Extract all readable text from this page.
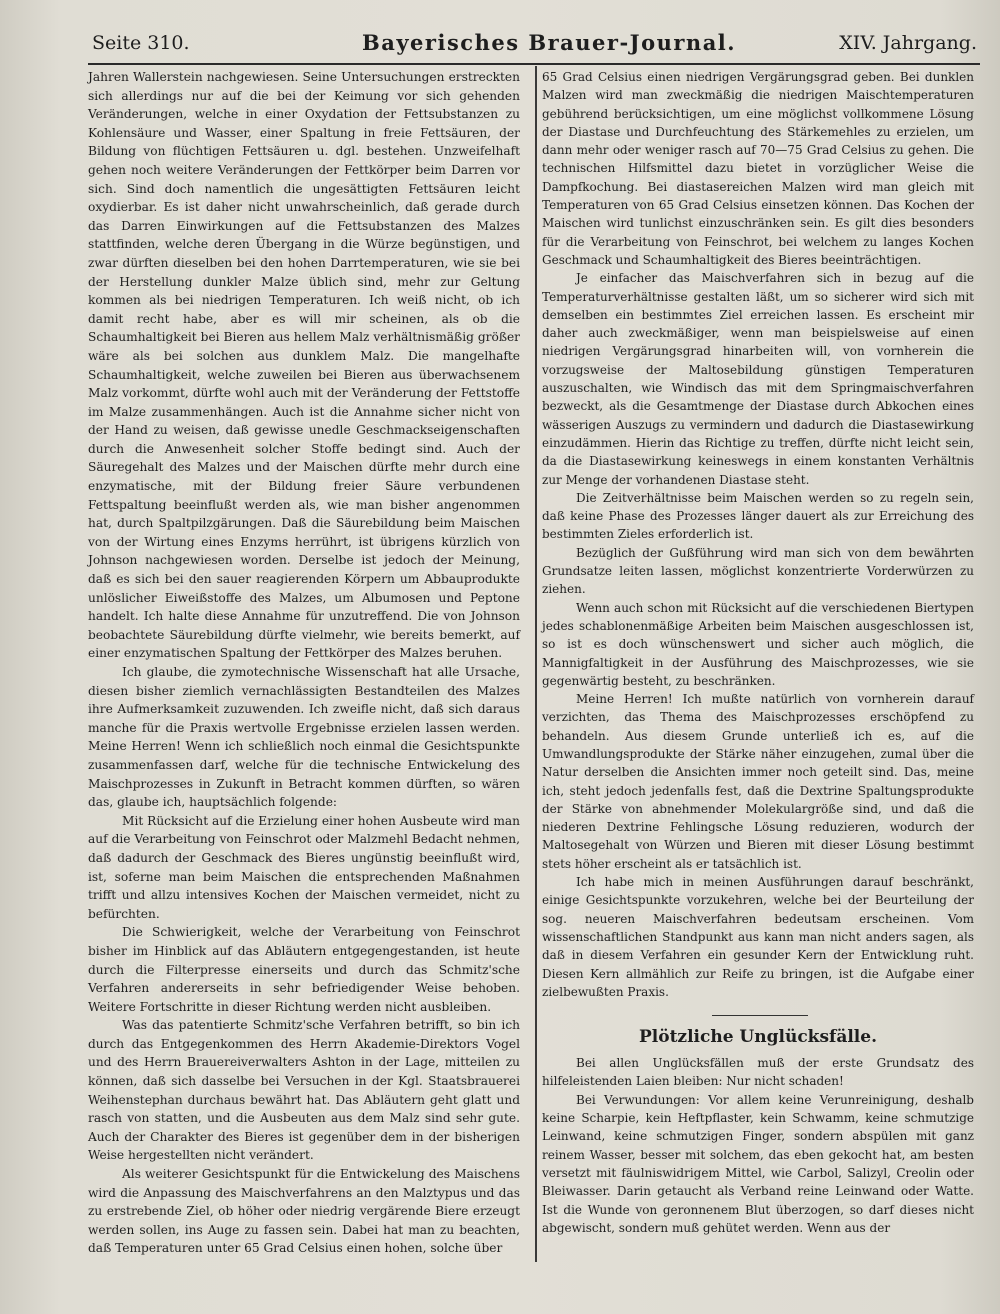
Seite 310.	Bayerisches Brauer-Journal.	XIV. Jahrgang.

Jahren Wallerstein nachgewiesen. Seine Untersuchungen erstreckten sich allerdings nur auf die bei der Keimung vor sich gehenden Veränderungen, welche in einer Oxydation der Fettsubstanzen zu Kohlensäure und Wasser, einer Spaltung in freie Fettsäuren, der Bildung von flüchtigen Fettsäuren u. dgl. bestehen. Unzweifelhaft gehen noch weitere Veränderungen der Fettkörper beim Darren vor sich. Sind doch namentlich die ungesättigten Fettsäuren leicht oxydierbar. Es ist daher nicht unwahrscheinlich, daß gerade durch das Darren Einwirkungen auf die Fettsubstanzen des Malzes stattfinden, welche deren Übergang in die Würze begünstigen, und zwar dürften dieselben bei den hohen Darrtemperaturen, wie sie bei der Herstellung dunkler Malze üblich sind, mehr zur Geltung kommen als bei niedrigen Temperaturen. Ich weiß nicht, ob ich damit recht habe, aber es will mir scheinen, als ob die Schaumhaltigkeit bei Bieren aus hellem Malz verhältnismäßig größer wäre als bei solchen aus dunklem Malz. Die mangelhafte Schaumhaltigkeit, welche zuweilen bei Bieren aus überwachsenem Malz vorkommt, dürfte wohl auch mit der Veränderung der Fettstoffe im Malze zusammenhängen. Auch ist die Annahme sicher nicht von der Hand zu weisen, daß gewisse unedle Geschmackseigenschaften durch die Anwesenheit solcher Stoffe bedingt sind. Auch der Säuregehalt des Malzes und der Maischen dürfte mehr durch eine enzymatische, mit der Bildung freier Säure verbundenen Fettspaltung beeinflußt werden als, wie man bisher angenommen hat, durch Spaltpilzgärungen. Daß die Säurebildung beim Maischen von der Wirtung eines Enzyms herrührt, ist übrigens kürzlich von Johnson nachgewiesen worden. Derselbe ist jedoch der Meinung, daß es sich bei den sauer reagierenden Körpern um Abbauprodukte unlöslicher Eiweißstoffe des Malzes, um Albumosen und Peptone handelt. Ich halte diese Annahme für unzutreffend. Die von Johnson beobachtete Säurebildung dürfte vielmehr, wie bereits bemerkt, auf einer enzymatischen Spaltung der Fettkörper des Malzes beruhen.

Ich glaube, die zymotechnische Wissenschaft hat alle Ursache, diesen bisher ziemlich vernachlässigten Bestandteilen des Malzes ihre Aufmerksamkeit zuzuwenden. Ich zweifle nicht, daß sich daraus manche für die Praxis wertvolle Ergebnisse erzielen lassen werden. Meine Herren! Wenn ich schließlich noch einmal die Gesichtspunkte zusammenfassen darf, welche für die technische Entwickelung des Maischprozesses in Zukunft in Betracht kommen dürften, so wären das, glaube ich, hauptsächlich folgende:

Mit Rücksicht auf die Erzielung einer hohen Ausbeute wird man auf die Verarbeitung von Feinschrot oder Malzmehl Bedacht nehmen, daß dadurch der Geschmack des Bieres ungünstig beeinflußt wird, ist, soferne man beim Maischen die entsprechenden Maßnahmen trifft und allzu intensives Kochen der Maischen vermeidet, nicht zu befürchten.

Die Schwierigkeit, welche der Verarbeitung von Feinschrot bisher im Hinblick auf das Abläutern entgegengestanden, ist heute durch die Filterpresse einerseits und durch das Schmitz'sche Verfahren andererseits in sehr befriedigender Weise behoben. Weitere Fortschritte in dieser Richtung werden nicht ausbleiben.

Was das patentierte Schmitz'sche Verfahren betrifft, so bin ich durch das Entgegenkommen des Herrn Akademie-Direktors Vogel und des Herrn Brauereiverwalters Ashton in der Lage, mitteilen zu können, daß sich dasselbe bei Versuchen in der Kgl. Staatsbrauerei Weihenstephan durchaus bewährt hat. Das Abläutern geht glatt und rasch von statten, und die Ausbeuten aus dem Malz sind sehr gute. Auch der Charakter des Bieres ist gegenüber dem in der bisherigen Weise hergestellten nicht verändert.

Als weiterer Gesichtspunkt für die Entwickelung des Maischens wird die Anpassung des Maischverfahrens an den Malztypus und das zu erstrebende Ziel, ob höher oder niedrig vergärende Biere erzeugt werden sollen, ins Auge zu fassen sein. Dabei hat man zu beachten, daß Temperaturen unter 65 Grad Celsius einen hohen, solche über

65 Grad Celsius einen niedrigen Vergärungsgrad geben. Bei dunklen Malzen wird man zweckmäßig die niedrigen Maischtemperaturen gebührend berücksichtigen, um eine möglichst vollkommene Lösung der Diastase und Durchfeuchtung des Stärkemehles zu erzielen, um dann mehr oder weniger rasch auf 70—75 Grad Celsius zu gehen. Die technischen Hilfsmittel dazu bietet in vorzüglicher Weise die Dampfkochung. Bei diastasereichen Malzen wird man gleich mit Temperaturen von 65 Grad Celsius einsetzen können. Das Kochen der Maischen wird tunlichst einzuschränken sein. Es gilt dies besonders für die Verarbeitung von Feinschrot, bei welchem zu langes Kochen Geschmack und Schaumhaltigkeit des Bieres beeinträchtigen.

Je einfacher das Maischverfahren sich in bezug auf die Temperaturverhältnisse gestalten läßt, um so sicherer wird sich mit demselben ein bestimmtes Ziel erreichen lassen. Es erscheint mir daher auch zweckmäßiger, wenn man beispielsweise auf einen niedrigen Vergärungsgrad hinarbeiten will, von vornherein die vorzugsweise der Maltosebildung günstigen Temperaturen auszuschalten, wie Windisch das mit dem Springmaischverfahren bezweckt, als die Gesamtmenge der Diastase durch Abkochen eines wässerigen Auszugs zu vermindern und dadurch die Diastasewirkung einzudämmen. Hierin das Richtige zu treffen, dürfte nicht leicht sein, da die Diastasewirkung keineswegs in einem konstanten Verhältnis zur Menge der vorhandenen Diastase steht.

Die Zeitverhältnisse beim Maischen werden so zu regeln sein, daß keine Phase des Prozesses länger dauert als zur Erreichung des bestimmten Zieles erforderlich ist.

Bezüglich der Gußführung wird man sich von dem bewährten Grundsatze leiten lassen, möglichst konzentrierte Vorderwürzen zu ziehen.

Wenn auch schon mit Rücksicht auf die verschiedenen Biertypen jedes schablonenmäßige Arbeiten beim Maischen ausgeschlossen ist, so ist es doch wünschenswert und sicher auch möglich, die Mannigfaltigkeit in der Ausführung des Maischprozesses, wie sie gegenwärtig besteht, zu beschränken.

Meine Herren! Ich mußte natürlich von vornherein darauf verzichten, das Thema des Maischprozesses erschöpfend zu behandeln. Aus diesem Grunde unterließ ich es, auf die Umwandlungsprodukte der Stärke näher einzugehen, zumal über die Natur derselben die Ansichten immer noch geteilt sind. Das, meine ich, steht jedoch jedenfalls fest, daß die Dextrine Spaltungsprodukte der Stärke von abnehmender Molekulargröße sind, und daß die niederen Dextrine Fehlingsche Lösung reduzieren, wodurch der Maltosegehalt von Würzen und Bieren mit dieser Lösung bestimmt stets höher erscheint als er tatsächlich ist.

Ich habe mich in meinen Ausführungen darauf beschränkt, einige Gesichtspunkte vorzukehren, welche bei der Beurteilung der sog. neueren Maischverfahren bedeutsam erscheinen. Vom wissenschaftlichen Standpunkt aus kann man nicht anders sagen, als daß in diesem Verfahren ein gesunder Kern der Entwicklung ruht. Diesen Kern allmählich zur Reife zu bringen, ist die Aufgabe einer zielbewußten Praxis.

Plötzliche Unglücksfälle.

Bei allen Unglücksfällen muß der erste Grundsatz des hilfeleistenden Laien bleiben: Nur nicht schaden!

Bei Verwundungen: Vor allem keine Verunreinigung, deshalb keine Scharpie, kein Heftpflaster, kein Schwamm, keine schmutzige Leinwand, keine schmutzigen Finger, sondern abspülen mit ganz reinem Wasser, besser mit solchem, das eben gekocht hat, am besten versetzt mit fäulniswidrigem Mittel, wie Carbol, Salizyl, Creolin oder Bleiwasser. Darin getaucht als Verband reine Leinwand oder Watte. Ist die Wunde von geronnenem Blut überzogen, so darf dieses nicht abgewischt, sondern muß gehütet werden. Wenn aus der
